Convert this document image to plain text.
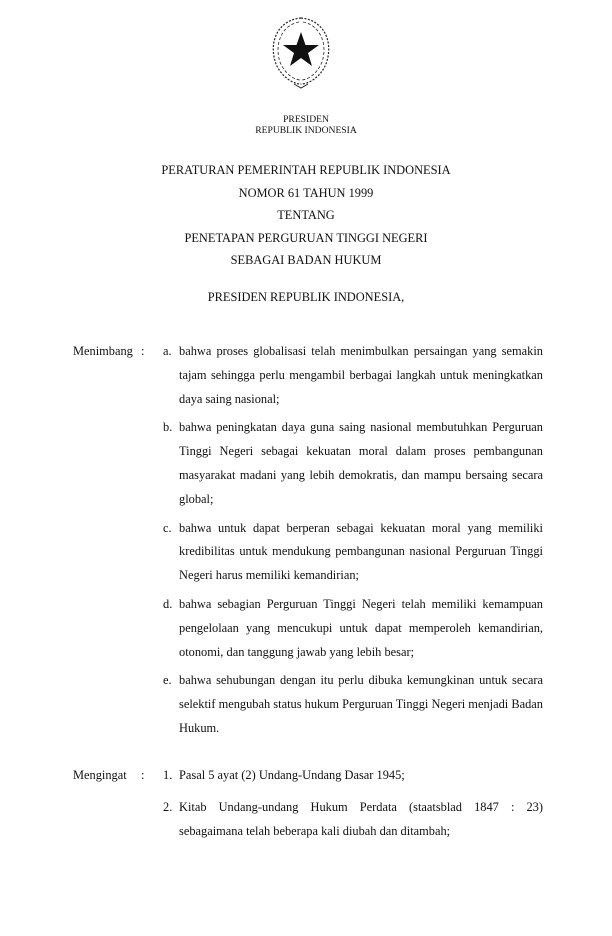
PRESIDEN
REPUBLIK INDONESIA
PERATURAN PEMERINTAH REPUBLIK INDONESIA
NOMOR 61 TAHUN 1999
TENTANG
PENETAPAN PERGURUAN TINGGI NEGERI
SEBAGAI BADAN HUKUM
PRESIDEN REPUBLIK INDONESIA,
Menimbang : a. bahwa proses globalisasi telah menimbulkan persaingan yang semakin tajam sehingga perlu mengambil berbagai langkah untuk meningkatkan daya saing nasional;
b. bahwa peningkatan daya guna saing nasional membutuhkan Perguruan Tinggi Negeri sebagai kekuatan moral dalam proses pembangunan masyarakat madani yang lebih demokratis, dan mampu bersaing secara global;
c. bahwa untuk dapat berperan sebagai kekuatan moral yang memiliki kredibilitas untuk mendukung pembangunan nasional Perguruan Tinggi Negeri harus memiliki kemandirian;
d. bahwa sebagian Perguruan Tinggi Negeri telah memiliki kemampuan pengelolaan yang mencukupi untuk dapat memperoleh kemandirian, otonomi, dan tanggung jawab yang lebih besar;
e. bahwa sehubungan dengan itu perlu dibuka kemungkinan untuk secara selektif mengubah status hukum Perguruan Tinggi Negeri menjadi Badan Hukum.
Mengingat	: 1. Pasal 5 ayat (2) Undang-Undang Dasar 1945;
2. Kitab Undang-undang Hukum Perdata (staatsblad 1847 : 23) sebagaimana telah beberapa kali diubah dan ditambah;
